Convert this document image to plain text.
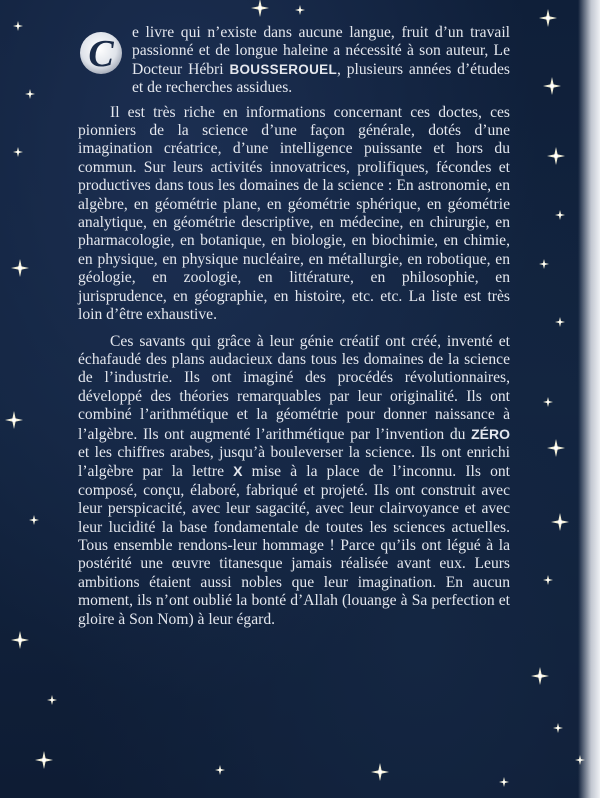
C
e livre qui n’existe dans aucune langue, fruit d’un travail passionné et de longue haleine a nécessité à son auteur, Le Docteur Hébri BOUSSEROUEL, plusieurs années d’études et de recherches assidues.

Il est très riche en informations concernant ces doctes, ces pionniers de la science d’une façon générale, dotés d’une imagination créatrice, d’une intelligence puissante et hors du commun. Sur leurs activités innovatrices, prolifiques, fécondes et productives dans tous les domaines de la science : En astronomie, en algèbre, en géométrie plane, en géométrie sphérique, en géométrie analytique, en géométrie descriptive, en médecine, en chirurgie, en pharmacologie, en botanique, en biologie, en biochimie, en chimie, en physique, en physique nucléaire, en métallurgie, en robotique, en géologie, en zoologie, en littérature, en philosophie, en jurisprudence, en géographie, en histoire, etc. etc. La liste est très loin d’être exhaustive.

Ces savants qui grâce à leur génie créatif ont créé, inventé et échafaudé des plans audacieux dans tous les domaines de la science de l’industrie. Ils ont imaginé des procédés révolutionnaires, développé des théories remarquables par leur originalité. Ils ont combiné l’arithmétique et la géométrie pour donner naissance à l’algèbre. Ils ont augmenté l’arithmétique par l’invention du ZÉRO et les chiffres arabes, jusqu’à bouleverser la science. Ils ont enrichi l’algèbre par la lettre X mise à la place de l’inconnu. Ils ont composé, conçu, élaboré, fabriqué et projeté. Ils ont construit avec leur perspicacité, avec leur sagacité, avec leur clairvoyance et avec leur lucidité la base fondamentale de toutes les sciences actuelles. Tous ensemble rendons-leur hommage ! Parce qu’ils ont légué à la postérité une œuvre titanesque jamais réalisée avant eux. Leurs ambitions étaient aussi nobles que leur imagination. En aucun moment, ils n’ont oublié la bonté d’Allah (louange à Sa perfection et gloire à Son Nom) à leur égard.
